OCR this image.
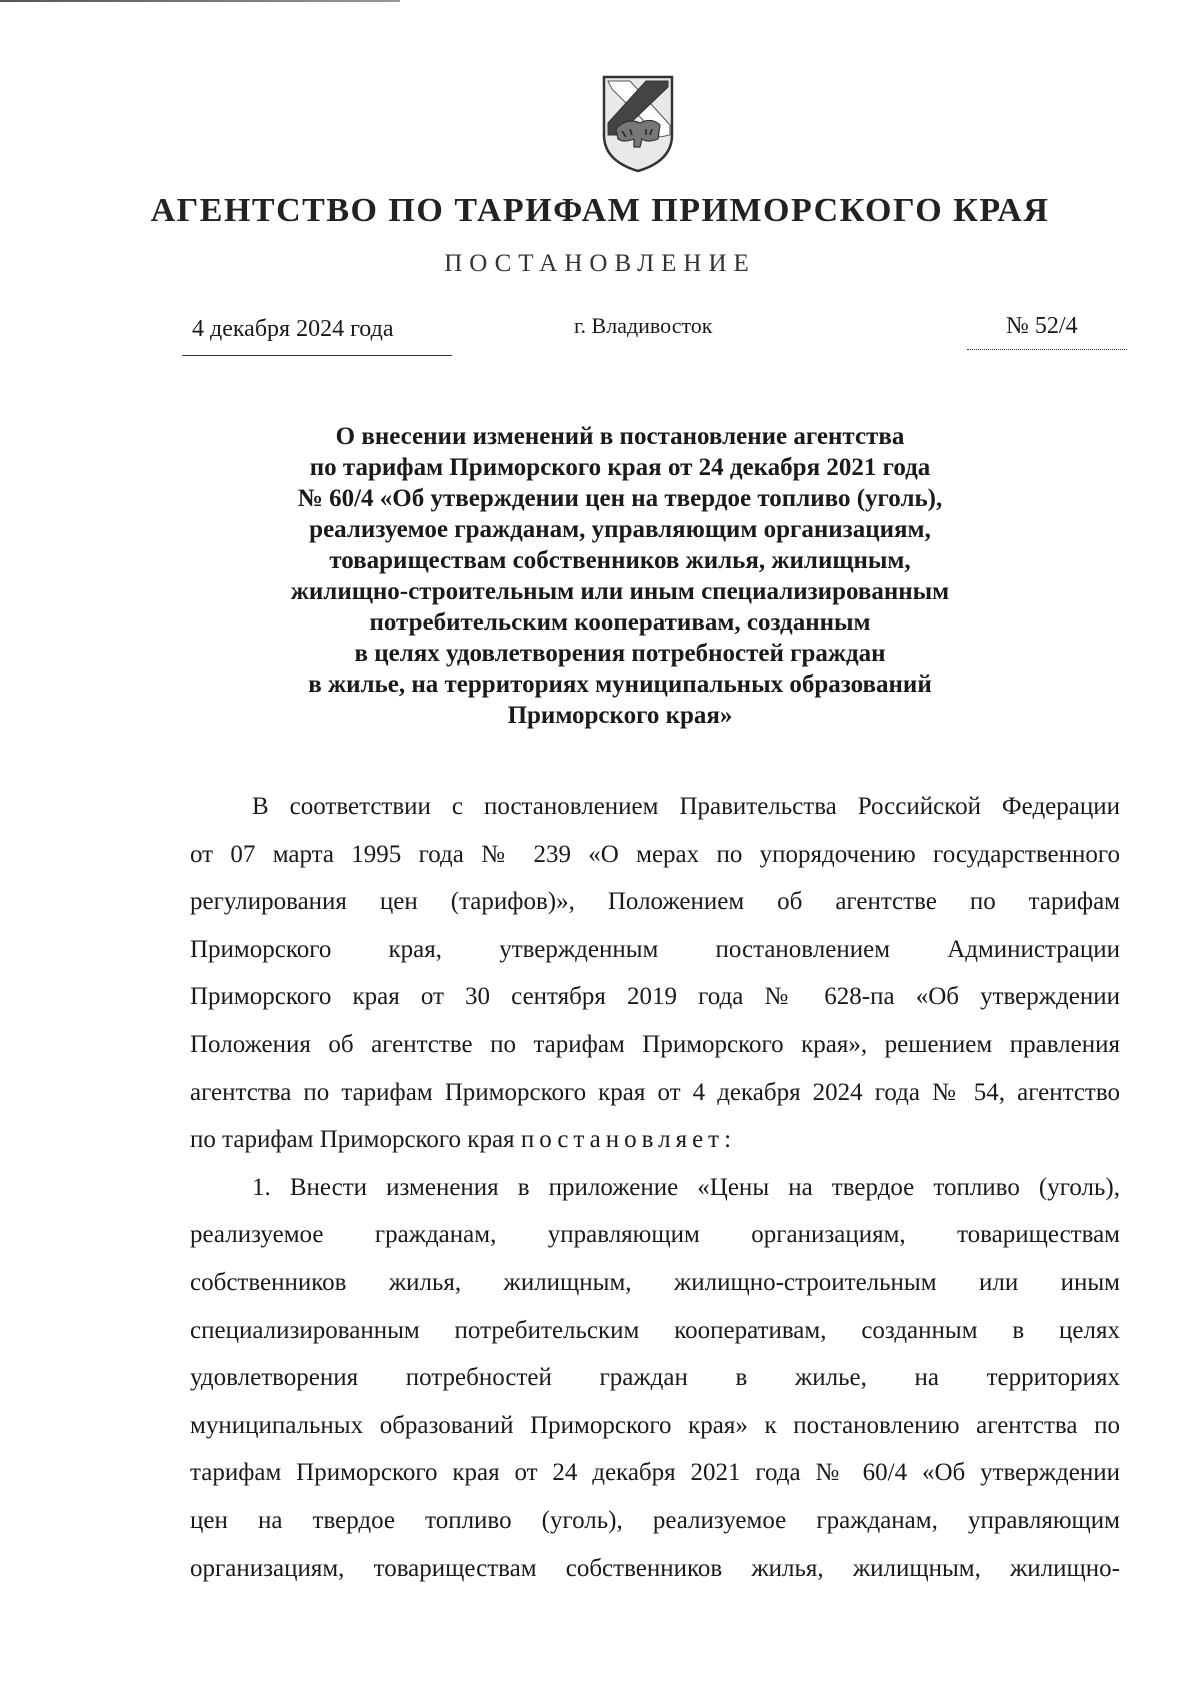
АГЕНТСТВО ПО ТАРИФАМ ПРИМОРСКОГО КРАЯ
ПОСТАНОВЛЕНИЕ
4 декабря 2024 года	г. Владивосток	№ 52/4
О внесении изменений в постановление агентства
по тарифам Приморского края от 24 декабря 2021 года
№ 60/4 «Об утверждении цен на твердое топливо (уголь),
реализуемое гражданам, управляющим организациям,
товариществам собственников жилья, жилищным,
жилищно-строительным или иным специализированным
потребительским кооперативам, созданным
в целях удовлетворения потребностей граждан
в жилье, на территориях муниципальных образований
Приморского края»
В соответствии с постановлением Правительства Российской Федерации
от 07 марта 1995 года № 239 «О мерах по упорядочению государственного
регулирования цен (тарифов)», Положением об агентстве по тарифам
Приморского края, утвержденным постановлением Администрации
Приморского края от 30 сентября 2019 года № 628-па «Об утверждении
Положения об агентстве по тарифам Приморского края», решением правления
агентства по тарифам Приморского края от 4 декабря 2024 года № 54, агентство
по тарифам Приморского края постановляет:
1. Внести изменения в приложение «Цены на твердое топливо (уголь),
реализуемое гражданам, управляющим организациям, товариществам
собственников жилья, жилищным, жилищно-строительным или иным
специализированным потребительским кооперативам, созданным в целях
удовлетворения потребностей граждан в жилье, на территориях
муниципальных образований Приморского края» к постановлению агентства по
тарифам Приморского края от 24 декабря 2021 года № 60/4 «Об утверждении
цен на твердое топливо (уголь), реализуемое гражданам, управляющим
организациям, товариществам собственников жилья, жилищным, жилищно-
